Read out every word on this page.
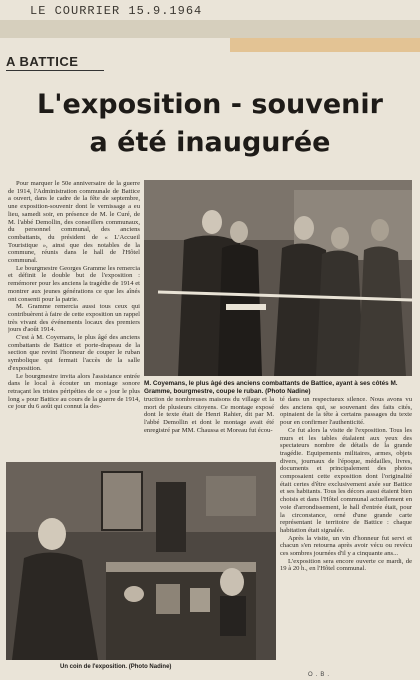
LE COURRIER 15.9.1964
A BATTICE
L'exposition - souvenir
a été inaugurée

Pour marquer le 50e anniversaire de la guerre de 1914, l'Administration communale de Battice a ouvert, dans le cadre de la fête de septembre, une exposition-souvenir dont le vernissage a eu lieu, samedi soir, en présence de M. le Curé, de M. l'abbé Demollin, des conseillers communaux, du personnel communal, des anciens combattants, du président de « L'Accueil Touristique », ainsi que des notables de la commune, réunis dans le hall de l'Hôtel communal.

Le bourgmestre Georges Gramme les remercia et définit le double but de l'exposition : remémorer pour les anciens la tragédie de 1914 et montrer aux jeunes générations ce que les aînés ont consenti pour la patrie.

M. Gramme remercia aussi tous ceux qui contribuèrent à faire de cette exposition un rappel très vivant des événements locaux des premiers jours d'août 1914.

C'est à M. Coyemans, le plus âgé des anciens combattants de Battice et porte-drapeau de la section que revint l'honneur de couper le ruban symbolique qui fermait l'accès de la salle d'exposition.

Le bourgmestre invita alors l'assistance entrée dans le local à écouter un montage sonore retraçant les tristes péripéties de ce « jour le plus long » pour Battice au cours de la guerre de 1914, ce jour du 6 août qui connut la des-

M. Coyemans, le plus âgé des anciens combattants de Battice, ayant à ses côtés M. Gramme, bourgmestre, coupe le ruban. (Photo Nadine)

truction de nombreuses maisons du village et la mort de plusieurs citoyens. Ce montage exposé dont le texte était de Henri Rahier, dit par M. l'abbé Demollin et dont le montage avait été enregistré par MM. Chaussa et Moreau fut écou-

té dans un respectueux silence. Nous avons vu des anciens qui, se souvenant des faits cités, opinaient de la tête à certains passages du texte pour en confirmer l'authenticité.

Ce fut alors la visite de l'exposition. Tous les murs et les tables étalaient aux yeux des spectateurs nombre de détails de la grande tragédie. Equipements militaires, armes, objets divers, journaux de l'époque, médailles, livres, documents et principalement des photos composaient cette exposition dont l'originalité était certes d'être exclusivement axée sur Battice et ses habitants. Tous les décors aussi étaient bien choisis et dans l'Hôtel communal actuellement en voie d'arrondissement, le hall d'entrée était, pour la circonstance, orné d'une grande carte représentant le territoire de Battice : chaque habitation était signalée.

Après la visite, un vin d'honneur fut servi et chacun s'en retourna après avoir vécu ou revécu ces sombres journées d'il y a cinquante ans...

L'exposition sera encore ouverte ce mardi, de 19 à 20 h., en l'Hôtel communal.

Un coin de l'exposition. (Photo Nadine)
O.B.
